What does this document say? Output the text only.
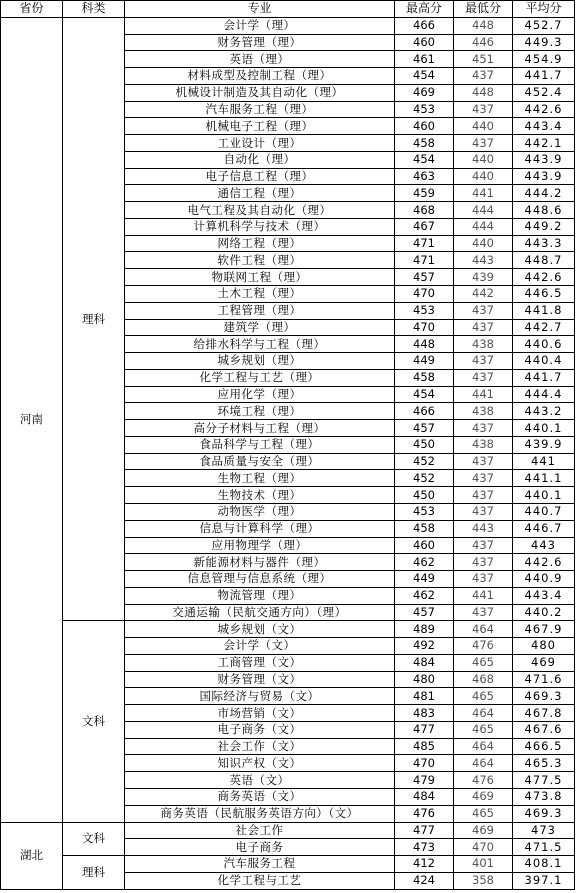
省份	科类	专业	最高分	最低分	平均分
河南	理科	会计学（理）	466	448	452.7
		财务管理（理）	460	446	449.3
		英语（理）	461	451	454.9
		材料成型及控制工程（理）	454	437	441.7
		机械设计制造及其自动化（理）	469	448	452.4
		汽车服务工程（理）	453	437	442.6
		机械电子工程（理）	460	440	443.4
		工业设计（理）	458	437	442.1
		自动化（理）	454	440	443.9
		电子信息工程（理）	463	440	443.9
		通信工程（理）	459	441	444.2
		电气工程及其自动化（理）	468	444	448.6
		计算机科学与技术（理）	467	444	449.2
		网络工程（理）	471	440	443.3
		软件工程（理）	471	443	448.7
		物联网工程（理）	457	439	442.6
		土木工程（理）	470	442	446.5
		工程管理（理）	453	437	441.8
		建筑学（理）	470	437	442.7
		给排水科学与工程（理）	448	438	440.6
		城乡规划（理）	449	437	440.4
		化学工程与工艺（理）	458	437	441.7
		应用化学（理）	454	441	444.4
		环境工程（理）	466	438	443.2
		高分子材料与工程（理）	457	437	440.1
		食品科学与工程（理）	450	438	439.9
		食品质量与安全（理）	452	437	441
		生物工程（理）	452	437	441.1
		生物技术（理）	450	437	440.1
		动物医学（理）	453	437	440.7
		信息与计算科学（理）	458	443	446.7
		应用物理学（理）	460	437	443
		新能源材料与器件（理）	462	437	442.6
		信息管理与信息系统（理）	449	437	440.9
		物流管理（理）	462	441	443.4
		交通运输（民航交通方向）（理）	457	437	440.2
	文科	城乡规划（文）	489	464	467.9
		会计学（文）	492	476	480
		工商管理（文）	484	465	469
		财务管理（文）	480	468	471.6
		国际经济与贸易（文）	481	465	469.3
		市场营销（文）	483	464	467.8
		电子商务（文）	477	465	467.6
		社会工作（文）	485	464	466.5
		知识产权（文）	470	464	465.3
		英语（文）	479	476	477.5
		商务英语（文）	484	469	473.8
		商务英语（民航服务英语方向）（文）	476	465	469.3
湖北	文科	社会工作	477	469	473
		电子商务	473	470	471.5
	理科	汽车服务工程	412	401	408.1
		化学工程与工艺	424	358	397.1
